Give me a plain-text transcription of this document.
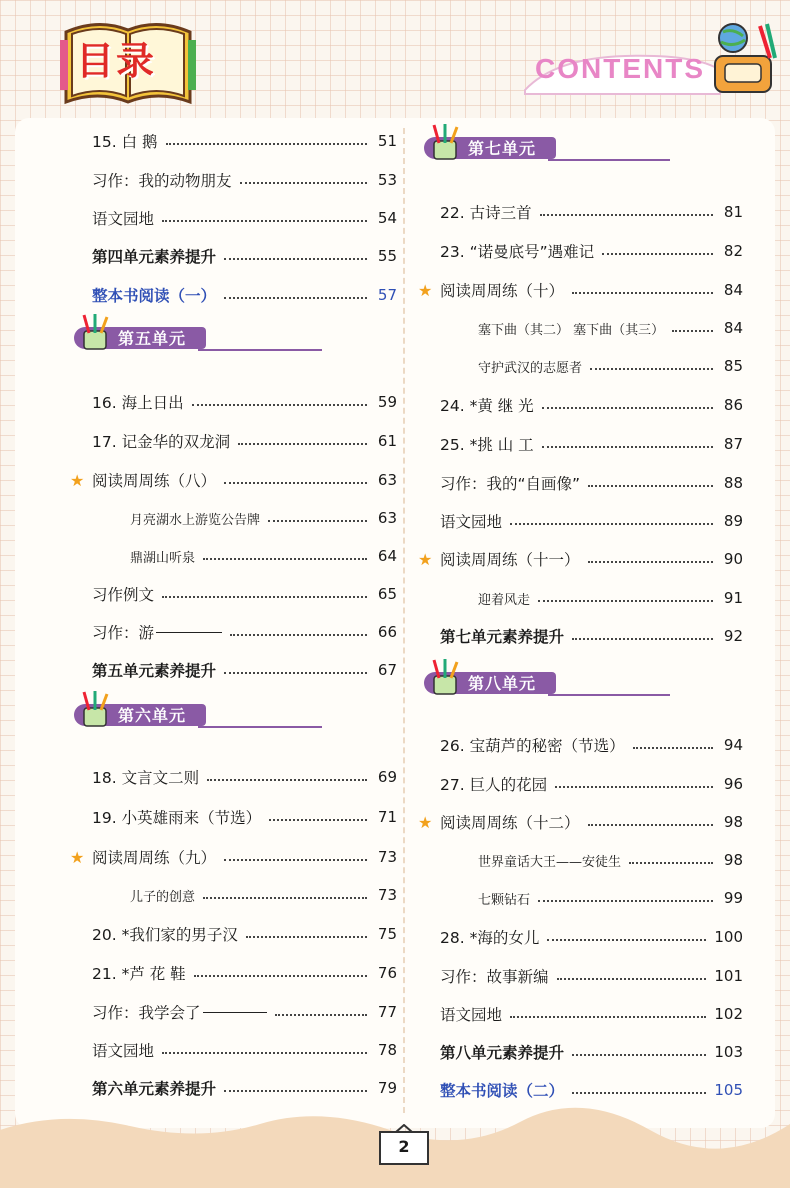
目录	CONTENTS
2
15. 白 鹅	51
习作：我的动物朋友	53
语文园地	54
第四单元素养提升	55
整本书阅读（一）	57
16. 海上日出	59
17. 记金华的双龙洞	61
★ 阅读周周练（八）	63
月亮湖水上游览公告牌	63
鼎湖山听泉	64
习作例文	65
习作：游	66
第五单元素养提升	67
18. 文言文二则	69
19. 小英雄雨来（节选）	71
★ 阅读周周练（九）	73
儿子的创意	73
20. *我们家的男子汉	75
21. *芦 花 鞋	76
习作：我学会了	77
语文园地	78
第六单元素养提升	79
22. 古诗三首	81
23. “诺曼底号”遇难记	82
★ 阅读周周练（十）	84
塞下曲（其二） 塞下曲（其三）	84
守护武汉的志愿者	85
24. *黄 继 光	86
25. *挑 山 工	87
习作：我的“自画像”	88
语文园地	89
★ 阅读周周练（十一）	90
迎着风走	91
第七单元素养提升	92
26. 宝葫芦的秘密（节选）	94
27. 巨人的花园	96
★ 阅读周周练（十二）	98
世界童话大王——安徒生	98
七颗钻石	99
28. *海的女儿	100
习作：故事新编	101
语文园地	102
第八单元素养提升	103
整本书阅读（二）	105
第五单元
第六单元
第七单元
第八单元
